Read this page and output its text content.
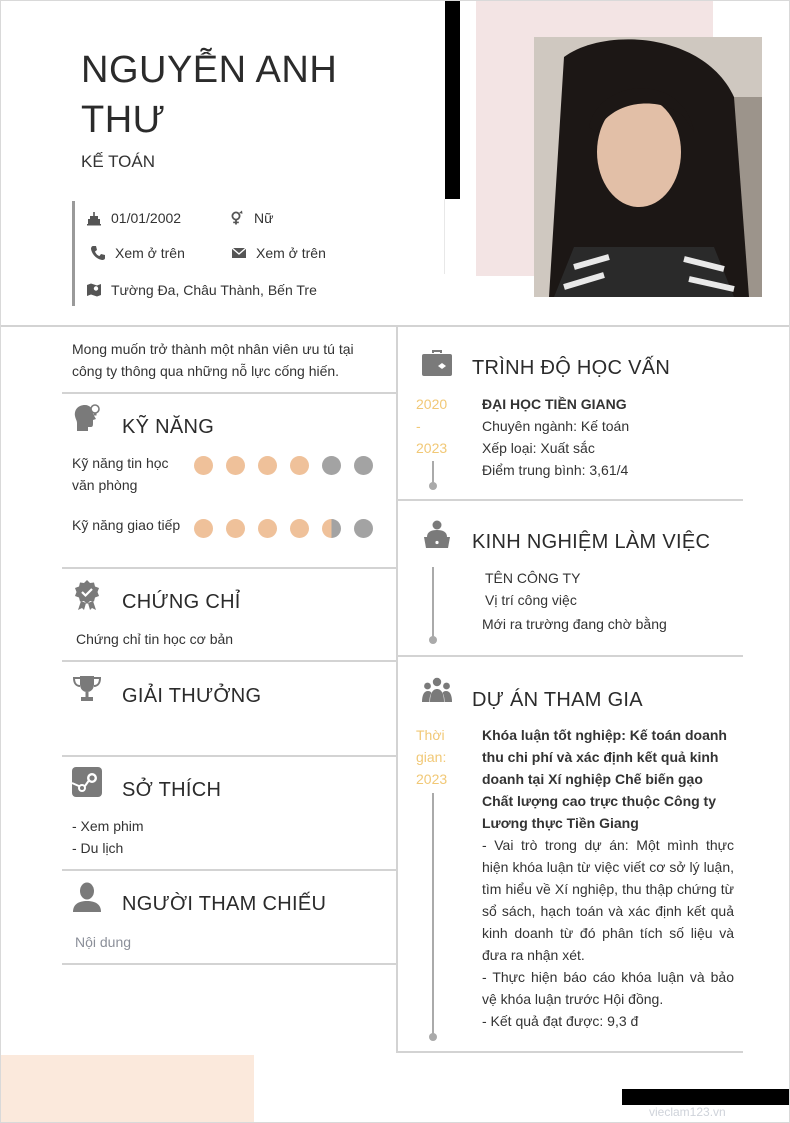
NGUYỄN ANH
THƯ
KẾ TOÁN
01/01/2002	Nữ
Xem ở trên	Xem ở trên
Tường Đa, Châu Thành, Bến Tre
Mong muốn trở thành một nhân viên ưu tú tại công ty thông qua những nỗ lực cống hiến.
KỸ NĂNG
Kỹ năng tin học văn phòng
Kỹ năng giao tiếp
CHỨNG CHỈ
Chứng chỉ tin học cơ bản
GIẢI THƯỞNG
SỞ THÍCH
- Xem phim
- Du lịch
NGƯỜI THAM CHIẾU
Nội dung
TRÌNH ĐỘ HỌC VẤN
2020
-
2023
ĐẠI HỌC TIỀN GIANG
Chuyên ngành: Kế toán
Xếp loại: Xuất sắc
Điểm trung bình: 3,61/4
KINH NGHIỆM LÀM VIỆC
TÊN CÔNG TY
Vị trí công việc
Mới ra trường đang chờ bằng
DỰ ÁN THAM GIA
Thời
gian:
2023
Khóa luận tốt nghiệp: Kế toán doanh thu chi phí và xác định kết quả kinh doanh tại Xí nghiệp Chế biến gạo Chất lượng cao trực thuộc Công ty Lương thực Tiền Giang
- Vai trò trong dự án: Một mình thực hiện khóa luận từ việc viết cơ sở lý luận, tìm hiểu về Xí nghiệp, thu thập chứng từ sổ sách, hạch toán và xác định kết quả kinh doanh từ đó phân tích số liệu và đưa ra nhận xét.
- Thực hiện báo cáo khóa luận và bảo vệ khóa luận trước Hội đồng.
- Kết quả đạt được: 9,3 đ
vieclam123.vn
